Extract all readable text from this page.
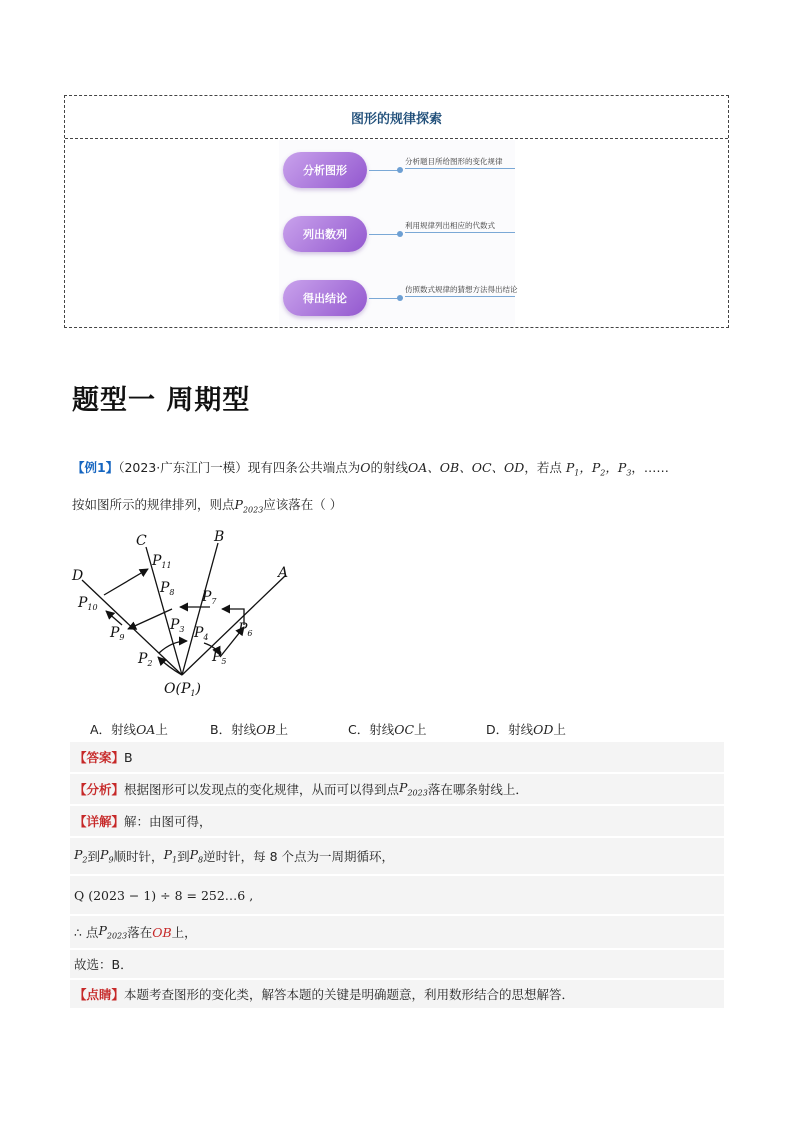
图形的规律探索
分析图形
分析题目所给图形的变化规律
列出数列
利用规律列出相应的代数式
得出结论
仿照数式规律的猜想方法得出结论
题型一 周期型
【例1】（2023·广东江门一模）现有四条公共端点为O的射线OA、OB、OC、OD，若点 $P_1$，$P_2$，$P_3$，……
按如图所示的规律排列，则点$P_{2023}$应该落在（ ）
A
B
C
D
$O(P_1)$
$P_2$
$P_3$ $P_4$
$P_5$
$P_6$
$P_7$
$P_8$
$P_9$
$P_{10}$
$P_{11}$
A．射线OA上	B．射线OB上	C．射线OC上	D．射线OD上
【答案】 B
【分析】 根据图形可以发现点的变化规律，从而可以得到点 $P_{2023}$ 落在哪条射线上．
【详解】 解：由图可得，
$P_2$ 到 $P_9$ 顺时针， $P_1$ 到 $P_8$ 逆时针，每 8 个点为一周期循环，
Q (2023 − 1) ÷ 8 = 252…6 ,
∴ 点 $P_{2023}$ 落在 OB 上，
故选：B．
【点睛】 本题考查图形的变化类，解答本题的关键是明确题意，利用数形结合的思想解答．
